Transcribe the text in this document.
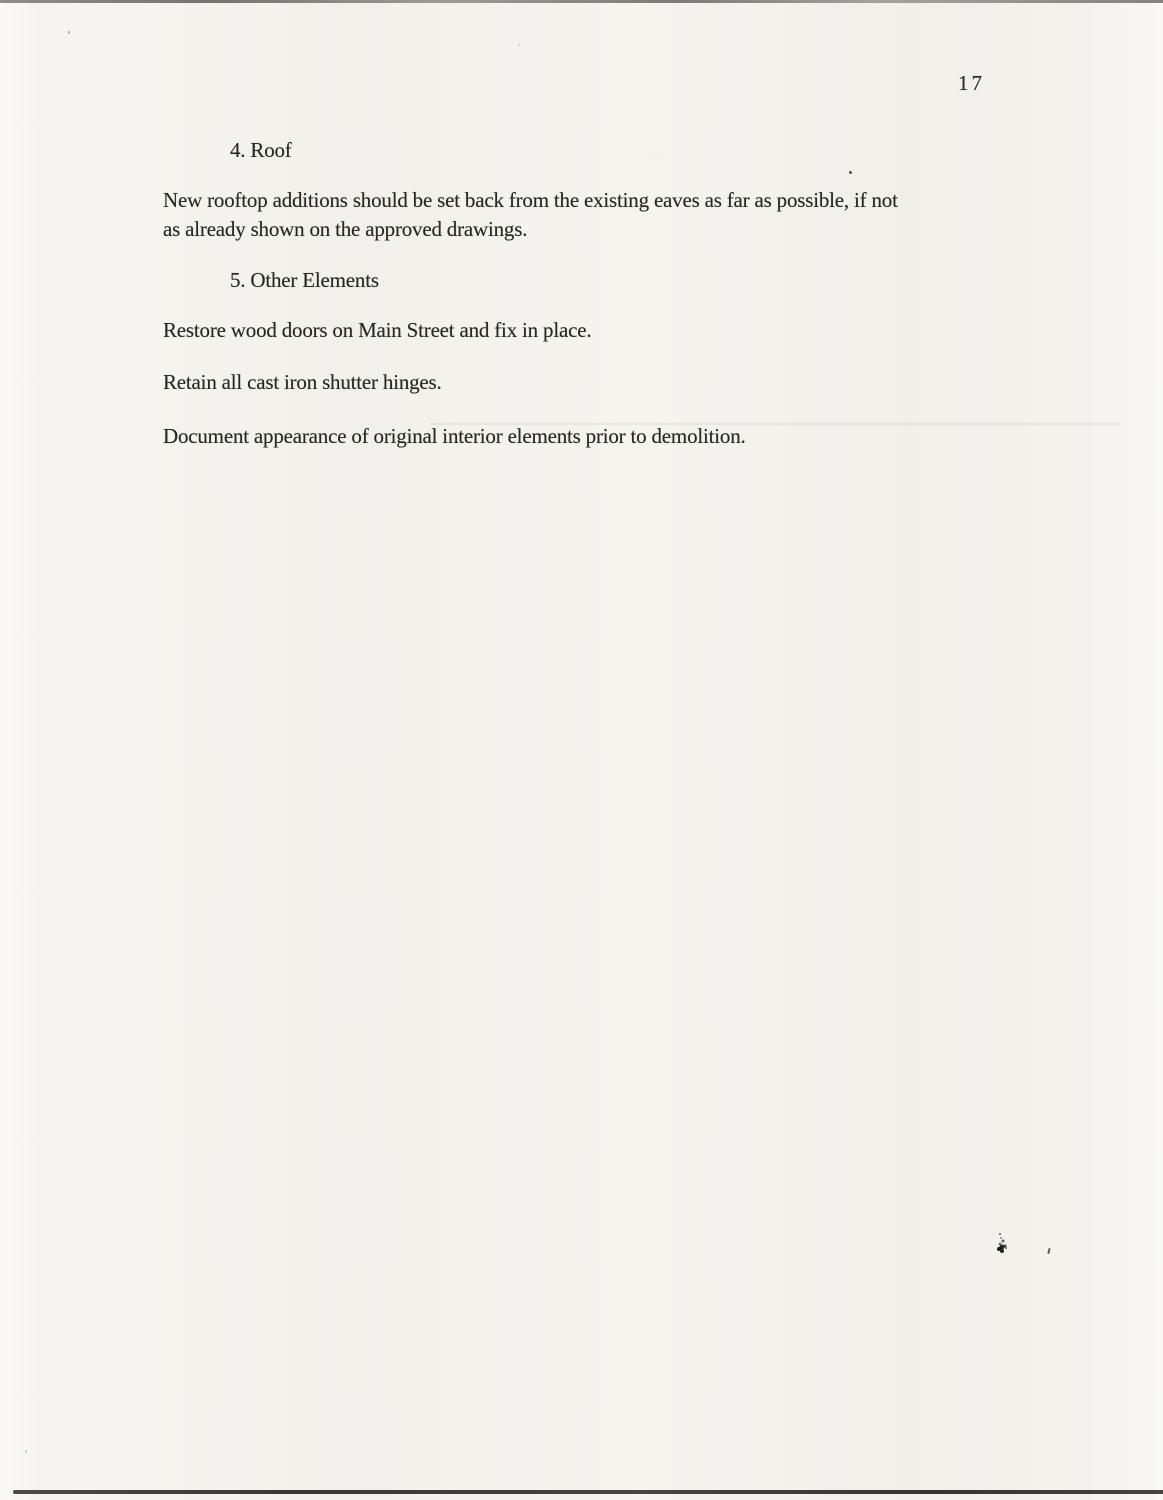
17
4. Roof
New rooftop additions should be set back from the existing eaves as far as possible, if not
as already shown on the approved drawings.
5. Other Elements
Restore wood doors on Main Street and fix in place.
Retain all cast iron shutter hinges.
Document appearance of original interior elements prior to demolition.
